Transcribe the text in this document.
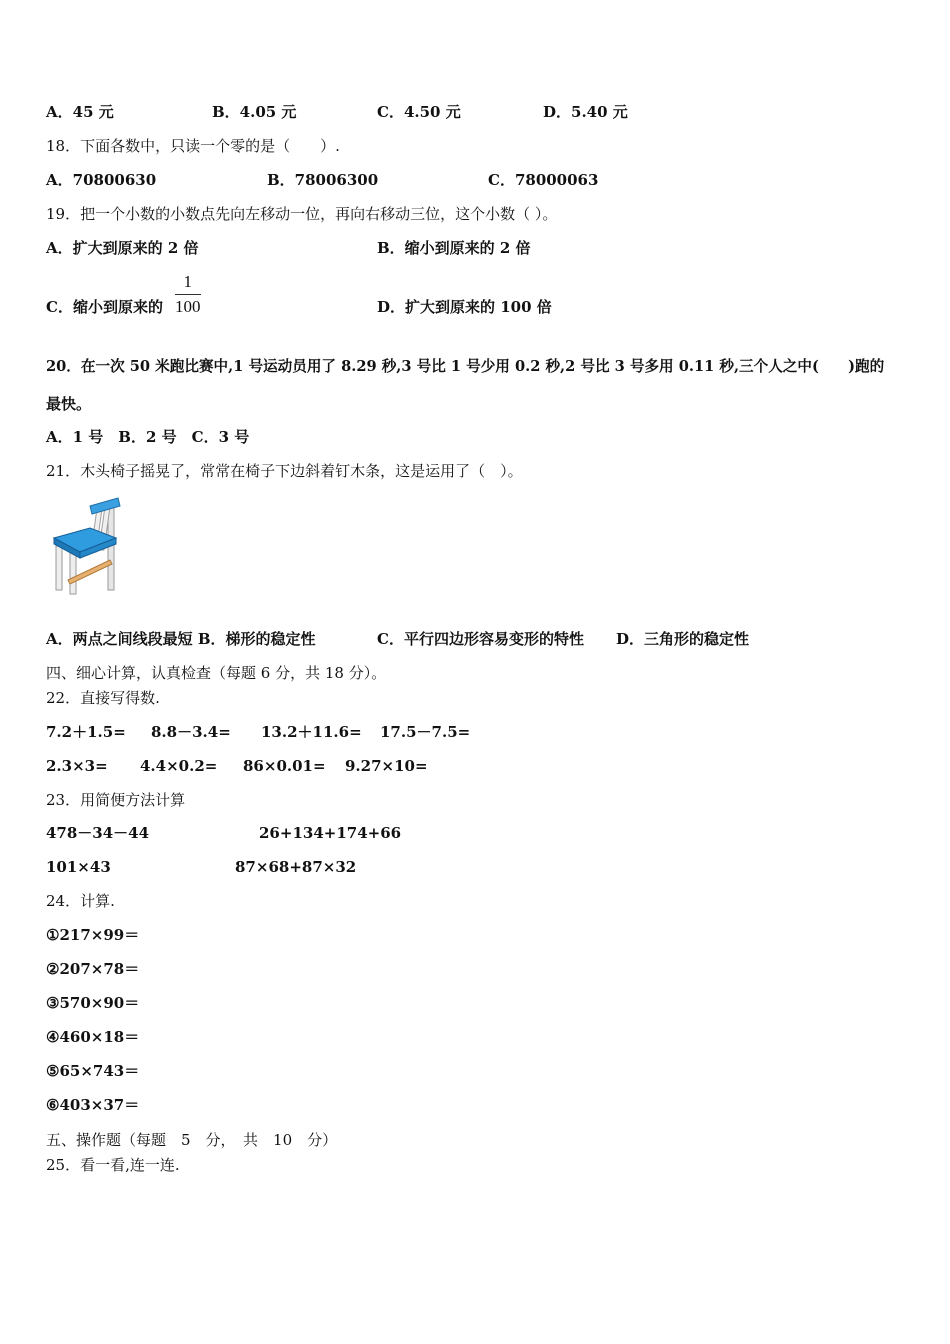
A．45 元	B．4.05 元	C．4.50 元	D．5.40 元
18．下面各数中，只读一个零的是（　　）.
A．70800630	B．78006300	C．78000063
19．把一个小数的小数点先向左移动一位，再向右移动三位，这个小数（ ）。
A．扩大到原来的 2 倍	B．缩小到原来的 2 倍
C．缩小到原来的 $\frac{1}{100}$	D．扩大到原来的 100 倍
20．在一次 50 米跑比赛中,1 号运动员用了 8.29 秒,3 号比 1 号少用 0.2 秒,2 号比 3 号多用 0.11 秒,三个人之中(　　)跑的
最快。
A．1 号　B．2 号　C．3 号
21．木头椅子摇晃了，常常在椅子下边斜着钉木条，这是运用了（　）。
A．两点之间线段最短 B．梯形的稳定性	C．平行四边形容易变形的特性 D．三角形的稳定性
四、细心计算，认真检查（每题 6 分，共 18 分）。
22．直接写得数.
7.2＋1.5= 8.8－3.4= 13.2＋11.6= 17.5－7.5=
2.3×3= 4.4×0.2= 86×0.01= 9.27×10=
23．用简便方法计算
478－34－44	26+134+174+66
101×43	87×68+87×32
24．计算.
①217×99＝
②207×78＝
③570×90＝
④460×18＝
⑤65×743＝
⑥403×37＝
五、操作题（每题　5　分，　共　10　分）
25．看一看,连一连.
